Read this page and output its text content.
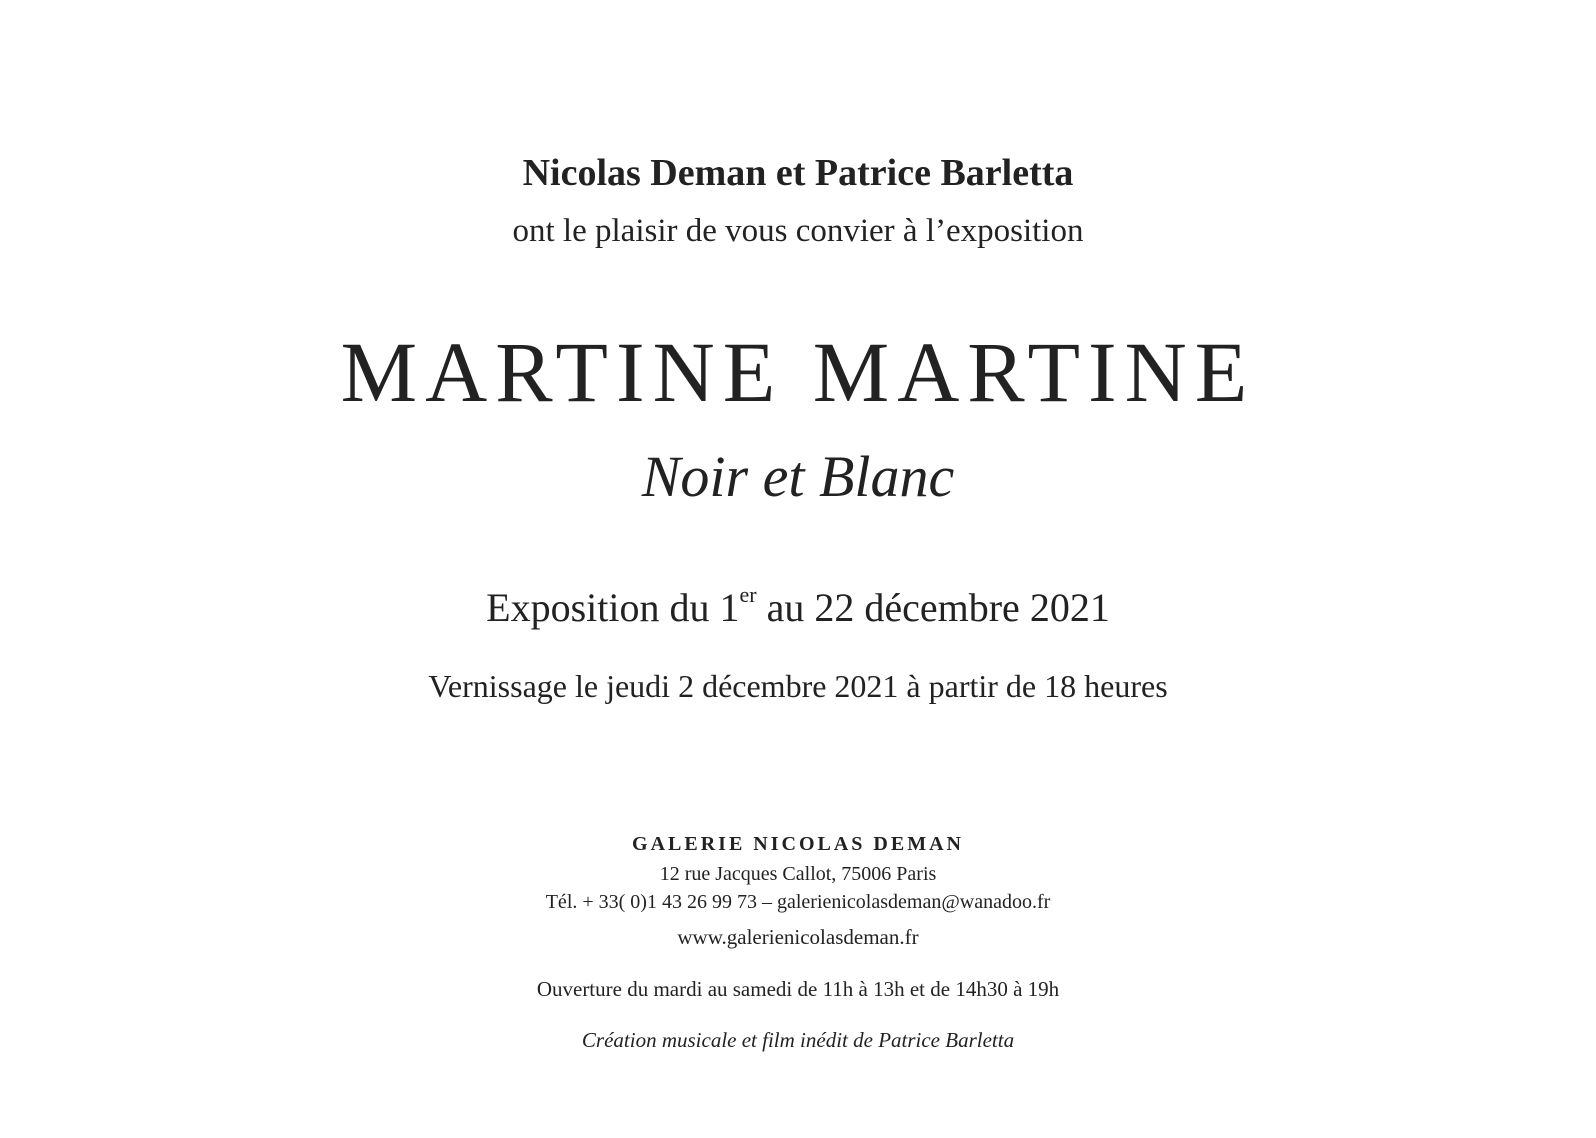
Nicolas Deman et Patrice Barletta
ont le plaisir de vous convier à l’exposition
MARTINE MARTINE
Noir et Blanc
Exposition du 1er au 22 décembre 2021
Vernissage le jeudi 2 décembre 2021 à partir de 18 heures
GALERIE NICOLAS DEMAN
12 rue Jacques Callot, 75006 Paris
Tél. + 33( 0)1 43 26 99 73 – galerienicolasdeman@wanadoo.fr
www.galerienicolasdeman.fr
Ouverture du mardi au samedi de 11h à 13h et de 14h30 à 19h
Création musicale et film inédit de Patrice Barletta
